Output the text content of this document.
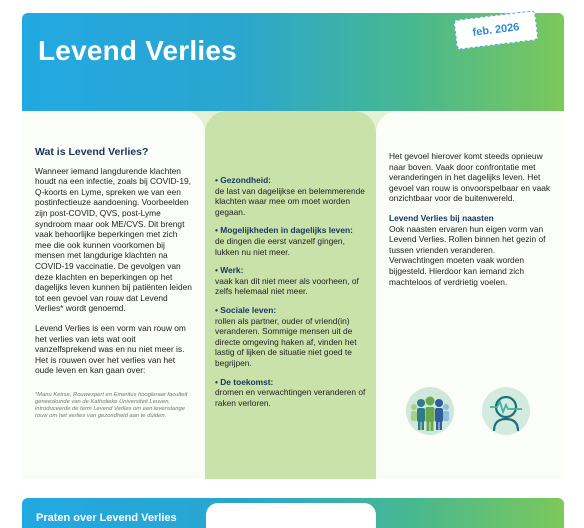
Levend Verlies
feb. 2026
Wat is Levend Verlies?

Wanneer iemand langdurende klachten houdt na een infectie, zoals bij COVID-19, Q-koorts en Lyme, spreken we van een postinfectieuze aandoening. Voorbeelden zijn post-COVID, QVS, post-Lyme syndroom maar ook ME/CVS. Dit brengt vaak behoorlijke beperkingen met zich mee die ook kunnen voorkomen bij mensen met langdurige klachten na COVID-19 vaccinatie. De gevolgen van deze klachten en beperkingen op het dagelijks leven kunnen bij patiënten leiden tot een gevoel van rouw dat Levend Verlies* wordt genoemd.

Levend Verlies is een vorm van rouw om het verlies van iets wat ooit vanzelfsprekend was en nu niet meer is. Het is rouwen over het verlies van het oude leven en kan gaan over:

*Manu Keirse, Rouwexpert en Emeritus hoogleraar faculteit geneeskunde van de Katholieke Universiteit Leuven, introduceerde de term Levend Verlies om een levenslange rouw om het verlies van gezondheid aan te duiden.
• Gezondheid:
de last van dagelijkse en belemmerende klachten waar mee om moet worden gegaan.
• Mogelijkheden in dagelijks leven:
de dingen die eerst vanzelf gingen, lukken nu niet meer.
• Werk:
vaak kan dit niet meer als voorheen, of zelfs helemaal niet meer.
• Sociale leven:
rollen als partner, ouder of vriend(in) veranderen. Sommige mensen uit de directe omgeving haken af, vinden het lastig of lijken de situatie niet goed te begrijpen.
• De toekomst:
dromen en verwachtingen veranderen of raken verloren.

Het gevoel hierover komt steeds opnieuw naar boven. Vaak door confrontatie met veranderingen in het dagelijks leven. Het gevoel van rouw is onvoorspelbaar en vaak onzichtbaar voor de buitenwereld.

Levend Verlies bij naasten

Ook naasten ervaren hun eigen vorm van Levend Verlies. Rollen binnen het gezin of tussen vrienden veranderen. Verwachtingen moeten vaak worden bijgesteld. Hierdoor kan iemand zich machteloos of verdrietig voelen.

Praten over Levend Verlies
